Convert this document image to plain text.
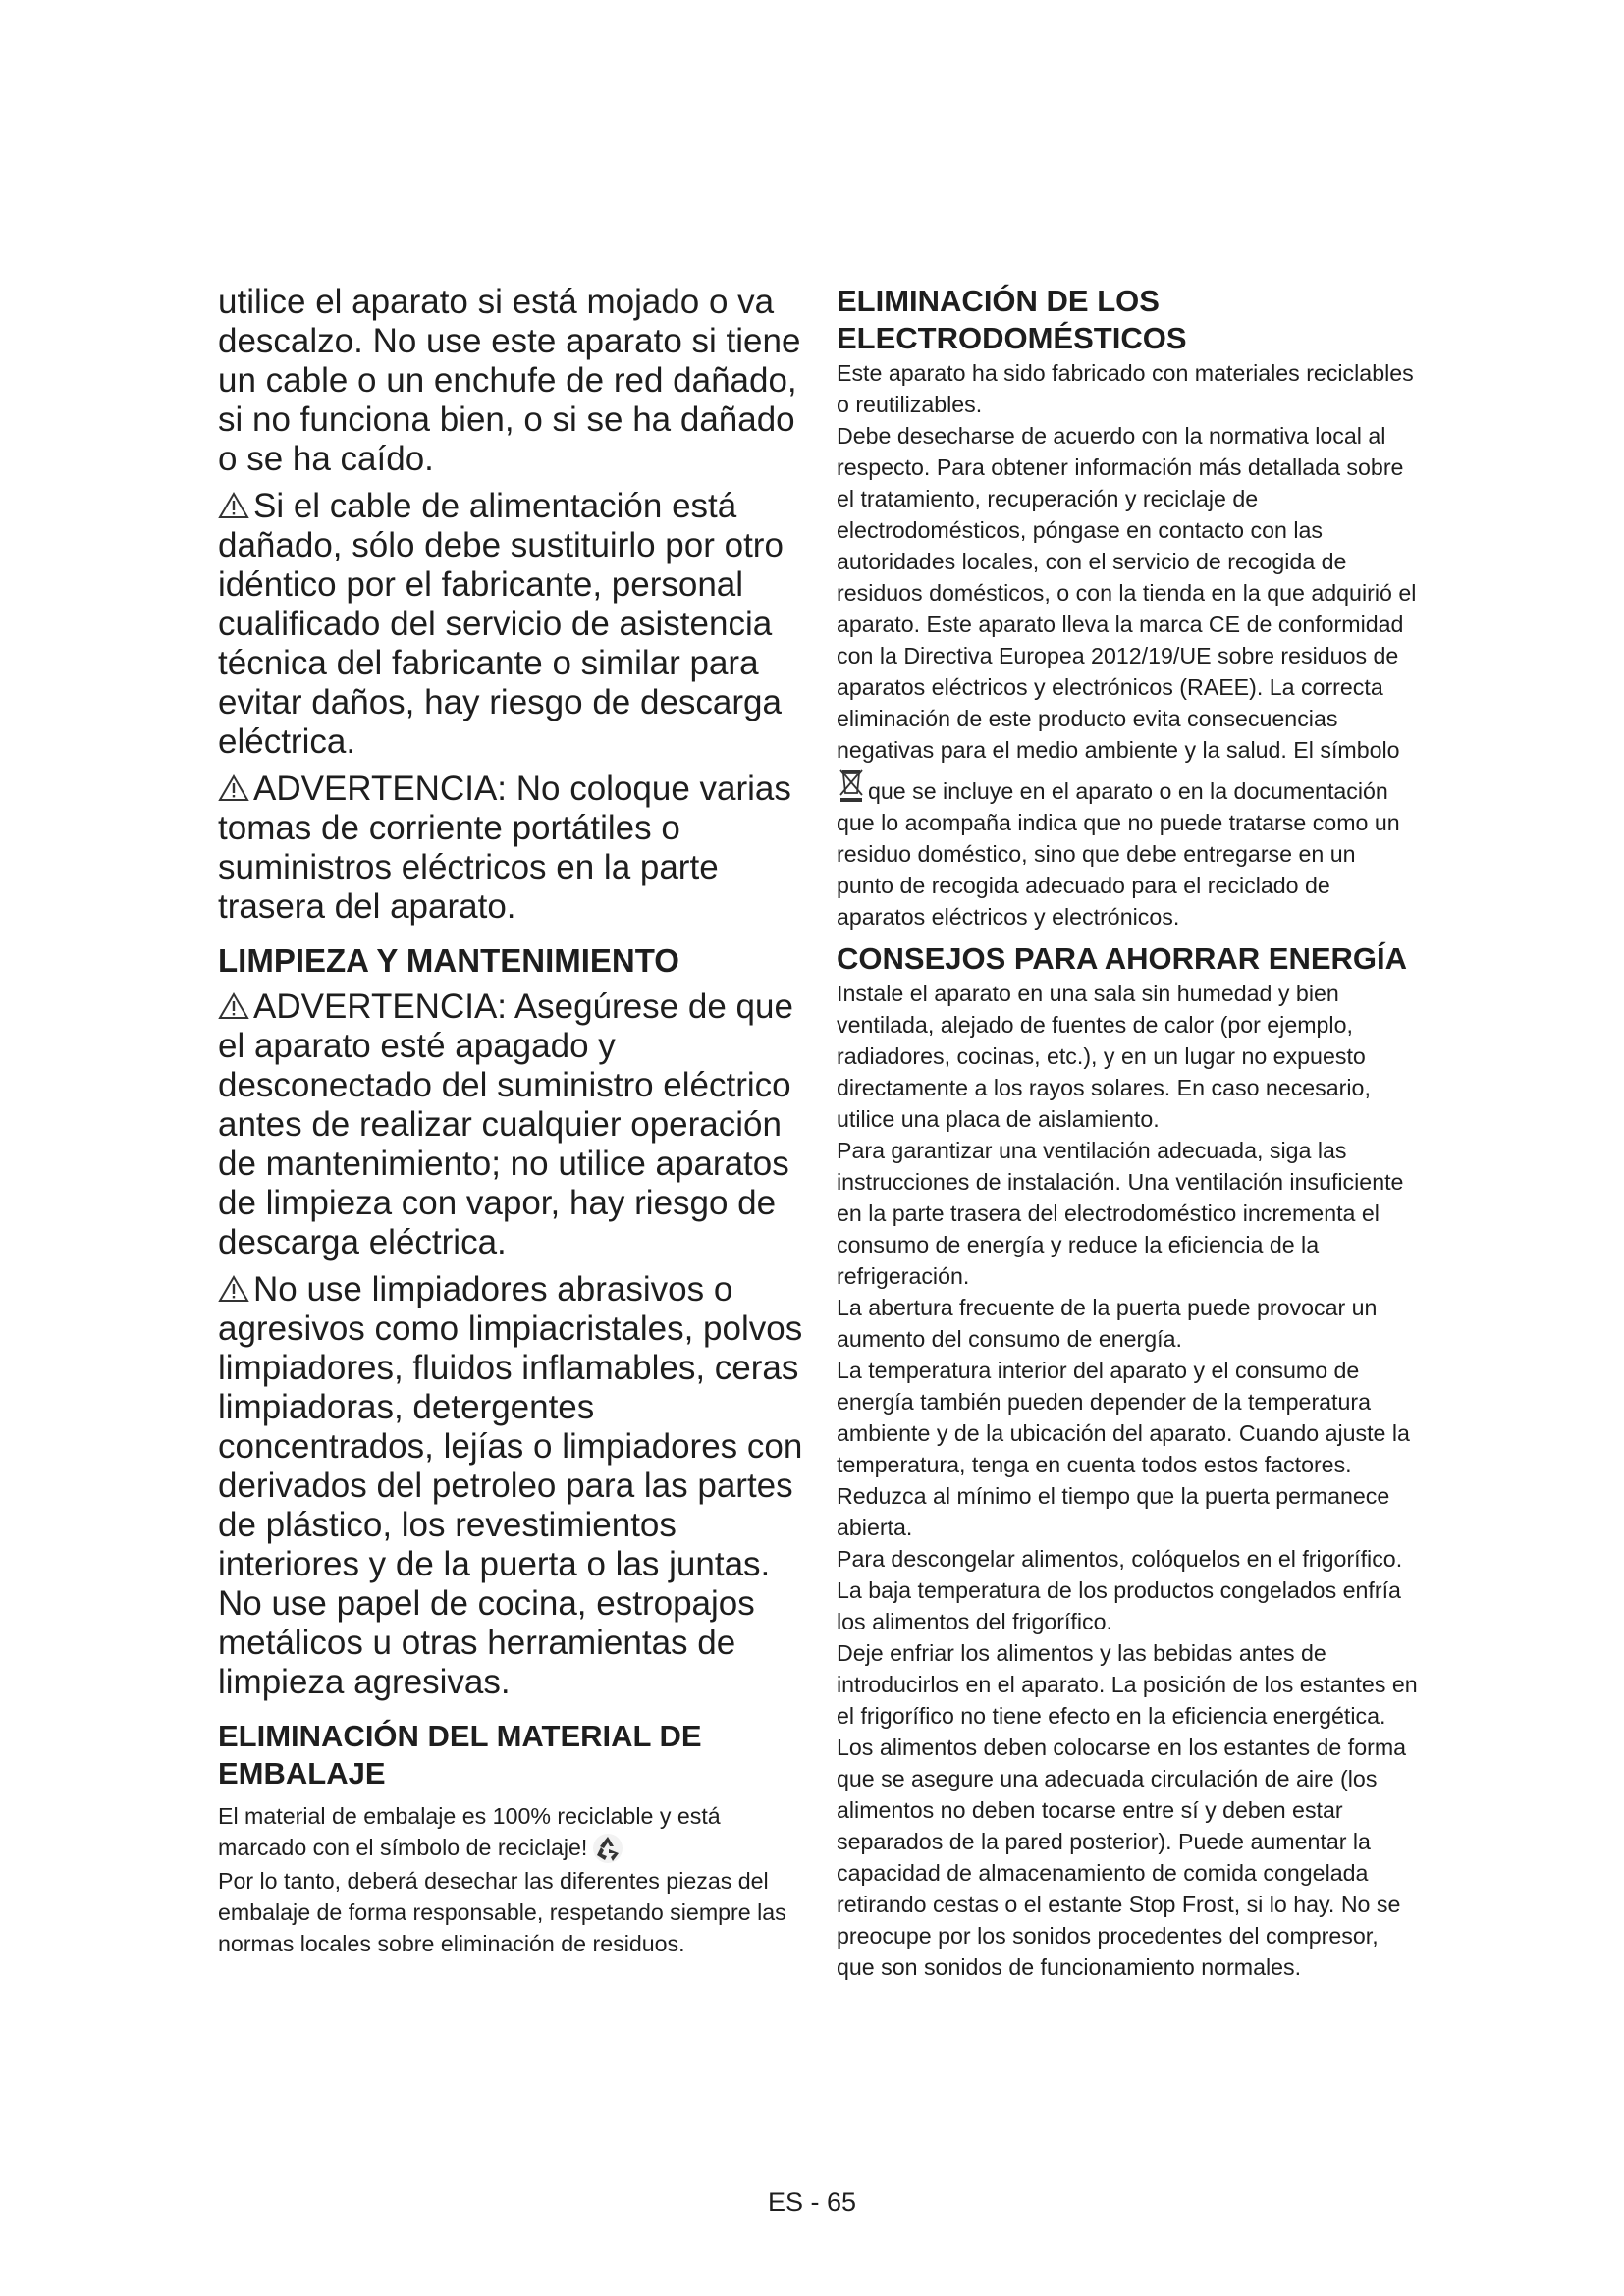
utilice el aparato si está mojado o va descalzo. No use este aparato si tiene un cable o un enchufe de red dañado, si no funciona bien, o si se ha dañado o se ha caído.

Si el cable de alimentación está dañado, sólo debe sustituirlo por otro idéntico por el fabricante, personal cualificado del servicio de asistencia técnica del fabricante o similar para evitar daños, hay riesgo de descarga eléctrica.

ADVERTENCIA: No coloque varias tomas de corriente portátiles o suministros eléctricos en la parte trasera del aparato.

LIMPIEZA Y MANTENIMIENTO

ADVERTENCIA: Asegúrese de que el aparato esté apagado y desconectado del suministro eléctrico antes de realizar cualquier operación de mantenimiento; no utilice aparatos de limpieza con vapor, hay riesgo de descarga eléctrica.

No use limpiadores abrasivos o agresivos como limpiacristales, polvos limpiadores, fluidos inflamables, ceras limpiadoras, detergentes concentrados, lejías o limpiadores con derivados del petroleo para las partes de plástico, los revestimientos interiores y de la puerta o las juntas. No use papel de cocina, estropajos metálicos u otras herramientas de limpieza agresivas.

ELIMINACIÓN DEL MATERIAL DE EMBALAJE

El material de embalaje es 100% reciclable y está marcado con el símbolo de reciclaje!

Por lo tanto, deberá desechar las diferentes piezas del embalaje de forma responsable, respetando siempre las normas locales sobre eliminación de residuos.

ELIMINACIÓN DE LOS ELECTRODOMÉSTICOS

Este aparato ha sido fabricado con materiales reciclables o reutilizables.

Debe desecharse de acuerdo con la normativa local al respecto. Para obtener información más detallada sobre el tratamiento, recuperación y reciclaje de electrodomésticos, póngase en contacto con las autoridades locales, con el servicio de recogida de residuos domésticos, o con la tienda en la que adquirió el aparato. Este aparato lleva la marca CE de conformidad con la Directiva Europea 2012/19/UE sobre residuos de aparatos eléctricos y electrónicos (RAEE). La correcta eliminación de este producto evita consecuencias negativas para el medio ambiente y la salud. El símbolo que se incluye en el aparato o en la documentación que lo acompaña indica que no puede tratarse como un residuo doméstico, sino que debe entregarse en un punto de recogida adecuado para el reciclado de aparatos eléctricos y electrónicos.

CONSEJOS PARA AHORRAR ENERGÍA

Instale el aparato en una sala sin humedad y bien ventilada, alejado de fuentes de calor (por ejemplo, radiadores, cocinas, etc.), y en un lugar no expuesto directamente a los rayos solares. En caso necesario, utilice una placa de aislamiento.

Para garantizar una ventilación adecuada, siga las instrucciones de instalación. Una ventilación insuficiente en la parte trasera del electrodoméstico incrementa el consumo de energía y reduce la eficiencia de la refrigeración.

La abertura frecuente de la puerta puede provocar un aumento del consumo de energía.

La temperatura interior del aparato y el consumo de energía también pueden depender de la temperatura ambiente y de la ubicación del aparato. Cuando ajuste la temperatura, tenga en cuenta todos estos factores. Reduzca al mínimo el tiempo que la puerta permanece abierta.

Para descongelar alimentos, colóquelos en el frigorífico. La baja temperatura de los productos congelados enfría los alimentos del frigorífico.

Deje enfriar los alimentos y las bebidas antes de introducirlos en el aparato. La posición de los estantes en el frigorífico no tiene efecto en la eficiencia energética. Los alimentos deben colocarse en los estantes de forma que se asegure una adecuada circulación de aire (los alimentos no deben tocarse entre sí y deben estar separados de la pared posterior). Puede aumentar la capacidad de almacenamiento de comida congelada retirando cestas o el estante Stop Frost, si lo hay. No se preocupe por los sonidos procedentes del compresor, que son sonidos de funcionamiento normales.

ES - 65
